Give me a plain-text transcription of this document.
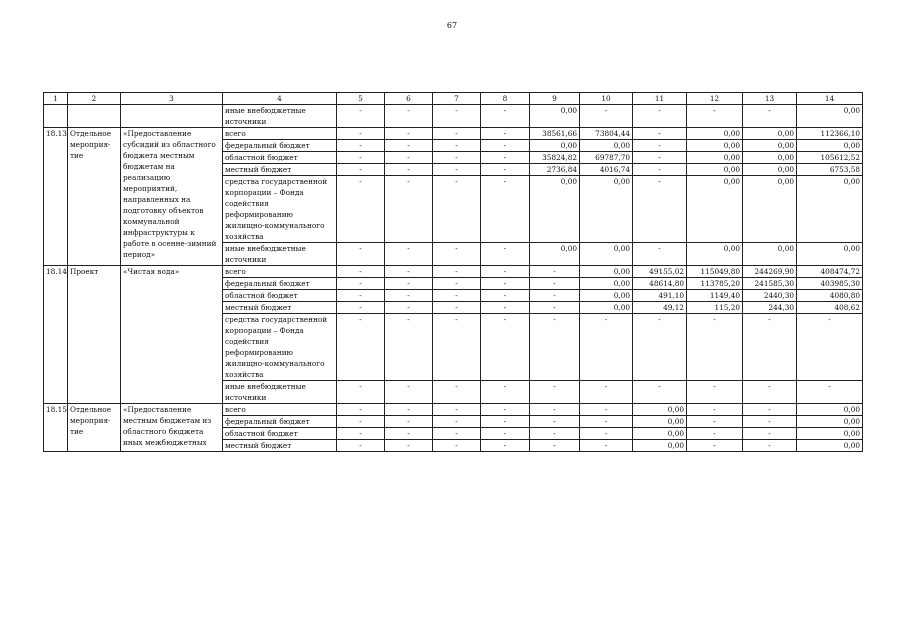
67
1	2	3	4	5	6	7	8	9	10	11	12	13	14
			иные внебюджетные источники	-	-	-	-	0,00	-	-	-	-	0,00
18.13	Отдельное мероприя-тие	«Предоставление субсидий из областного бюджета местным бюджетам на реализацию мероприятий, направленных на подготовку объектов коммунальной инфраструктуры к работе в осенне-зимний период»	всего	-	-	-	-	38561,66	73804,44	-	0,00	0,00	112366,10
			федеральный бюджет	-	-	-	-	0,00	0,00	-	0,00	0,00	0,00
			областной бюджет	-	-	-	-	35824,82	69787,70	-	0,00	0,00	105612,52
			местный бюджет	-	-	-	-	2736,84	4016,74	-	0,00	0,00	6753,58
			средства государственной корпорации – Фонда содействия реформированию жилищно-коммунального хозяйства	-	-	-	-	0,00	0,00	-	0,00	0,00	0,00
			иные внебюджетные источники	-	-	-	-	0,00	0,00	-	0,00	0,00	0,00
18.14	Проект	«Чистая вода»	всего	-	-	-	-	-	0,00	49155,02	115049,80	244269,90	408474,72
			федеральный бюджет	-	-	-	-	-	0,00	48614,80	113785,20	241585,30	403985,30
			областной бюджет	-	-	-	-	-	0,00	491,10	1149,40	2440,30	4080,80
			местный бюджет	-	-	-	-	-	0,00	49,12	115,20	244,30	408,62
			средства государственной корпорации – Фонда содействия реформированию жилищно-коммунального хозяйства	-	-	-	-	-	-	-	-	-	-
			иные внебюджетные источники	-	-	-	-	-	-	-	-	-	-
18.15	Отдельное мероприя-тие	«Предоставление местным бюджетам из областного бюджета иных межбюджетных	всего	-	-	-	-	-	-	0,00	-	-	0,00
			федеральный бюджет	-	-	-	-	-	-	0,00	-	-	0,00
			областной бюджет	-	-	-	-	-	-	0,00	-	-	0,00
			местный бюджет	-	-	-	-	-	-	0,00	-	-	0,00
